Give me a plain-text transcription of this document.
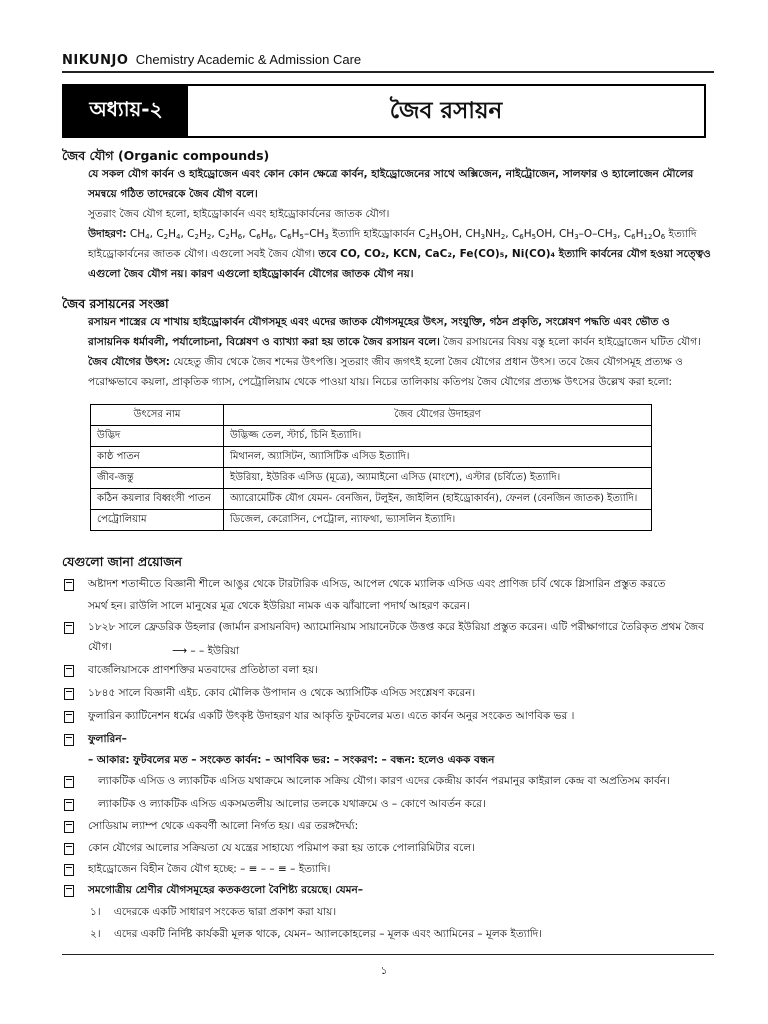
NIKUNJO Chemistry Academic & Admission Care
অধ্যায়-২	জৈব রসায়ন
জৈব যৌগ (Organic compounds)
যে সকল যৌগ কার্বন ও হাইড্রোজেন এবং কোন কোন ক্ষেত্রে কার্বন, হাইড্রোজেনের সাথে অক্সিজেন, নাইট্রোজেন, সালফার ও হ্যালোজেন মৌলের সমন্বয়ে গঠিত তাদেরকে জৈব যৌগ বলে।
সুতরাং জৈব যৌগ হলো, হাইড্রোকার্বন এবং হাইড্রোকার্বনের জাতক যৌগ।
উদাহরণ: $CH_4$, $C_2H_4$, $C_2H_2$, $C_2H_6$, $C_6H_6$, $C_6H_5-CH_3$ ইত্যাদি হাইড্রোকার্বন $C_2H_5OH$, $CH_3NH_2$, $C_6H_5OH$, $CH_3-O-CH_3$, $C_6H_{12}O_6$ ইত্যাদি হাইড্রোকার্বনের জাতক যৌগ। এগুলো সবই জৈব যৌগ। তবে CO, CO₂, KCN, CaC₂, Fe(CO)₅, Ni(CO)₄ ইত্যাদি কার্বনের যৌগ হওয়া সত্ত্বেও এগুলো জৈব যৌগ নয়। কারণ এগুলো হাইড্রোকার্বন যৌগের জাতক যৌগ নয়।
জৈব রসায়নের সংজ্ঞা
রসায়ন শাস্ত্রের যে শাখায় হাইড্রোকার্বন যৌগসমূহ এবং এদের জাতক যৌগসমূহের উৎস, সংযুক্তি, গঠন প্রকৃতি, সংশ্লেষণ পদ্ধতি এবং ভৌত ও রাসায়নিক ধর্মাবলী, পর্যালোচনা, বিশ্লেষণ ও ব্যাখ্যা করা হয় তাকে জৈব রসায়ন বলে। জৈব রসায়নের বিষয় বস্তু হলো কার্বন হাইড্রোজেন ঘটিত যৌগ।
জৈব যৌগের উৎস: যেহেতু জীব থেকে জৈব শব্দের উৎপত্তি। সুতরাং জীব জগৎই হলো জৈব যৌগের প্রধান উৎস। তবে জৈব যৌগসমূহ প্রত্যক্ষ ও পরোক্ষভাবে কয়লা, প্রাকৃতিক গ্যাস, পেট্রোলিয়াম থেকে পাওয়া যায়। নিচের তালিকায় কতিপয় জৈব যৌগের প্রত্যক্ষ উৎসের উল্লেখ করা হলো:
উৎসের নাম	জৈব যৌগের উদাহরণ
উদ্ভিদ	উদ্ভিজ্জ তেল, স্টার্চ, চিনি ইত্যাদি।
কাষ্ঠ পাতন	মিথানল, অ্যাসিটন, অ্যাসিটিক এসিড ইত্যাদি।
জীব-জন্তু	ইউরিয়া, ইউরিক এসিড (মূত্রে), অ্যামাইনো এসিড (মাংশে), এস্টার (চর্বিতে) ইত্যাদি।
কঠিন কয়লার বিধ্বংসী পাতন	অ্যারোমেটিক যৌগ যেমন- বেনজিন, টলুইন, জাইলিন (হাইড্রোকার্বন), ফেনল (বেনজিন জাতক) ইত্যাদি।
পেট্রোলিয়াম	ডিজেল, কেরোসিন, পেট্রোল, ন্যাফথা, ভ্যাসলিন ইত্যাদি।
যেগুলো জানা প্রয়োজন
অষ্টাদশ শতাব্দীতে বিজ্ঞানী শীলে আঙুর থেকে টারটারিক এসিড, আপেল থেকে ম্যালিক এসিড এবং প্রাণিজ চর্বি থেকে গ্লিসারিন প্রস্তুত করতে
সমর্থ হন। রাউলি সালে মানুষের মূত্র থেকে ইউরিয়া নামক এক ঝাঁঝালো পদার্থ আহরণ করেন।
১৮২৮ সালে ফ্রেডরিক উহলার (জার্মান রসায়নবিদ) অ্যামোনিয়াম সায়ানেটকে উত্তপ্ত করে ইউরিয়া প্রস্তুত করেন। এটি পরীক্ষাগারে তৈরিকৃত প্রথম জৈব যৌগ।	⟶ – – ইউরিয়া
বার্জেলিয়াসকে প্রাণশক্তির মতবাদের প্রতিষ্ঠাতা বলা হয়।
১৮৪৫ সালে বিজ্ঞানী এইচ. কোব মৌলিক উপাদান ও থেকে অ্যাসিটিক এসিড সংশ্লেষণ করেন।
ফুলারিন ক্যাটিনেশন ধর্মের একটি উৎকৃষ্ট উদাহরণ যার আকৃতি ফুটবলের মত। এতে কার্বন অনুর সংকেত আণবিক ভর ।
ফুলারিন–
– আকার: ফুটবলের মত – সংকেত কার্বন: – আণবিক ভর: – সংকরণ: – বন্ধন: হলেও একক বন্ধন
ল্যাকটিক এসিড ও ল্যাকটিক এসিড যথাক্রমে আলোক সক্রিয় যৌগ। কারণ এদের কেন্দ্রীয় কার্বন পরমানুর কাইরাল কেন্দ্র বা অপ্রতিসম কার্বন।
ল্যাকটিক ও ল্যাকটিক এসিড একসমতলীয় আলোর তলকে যথাক্রমে ও – কোণে আবর্তন করে।
সোডিয়াম ল্যাম্প থেকে একবর্ণী আলো নির্গত হয়। এর তরঙ্গদৈর্ঘ্য:
কোন যৌগের আলোর সক্রিয়তা যে যন্ত্রের সাহায্যে পরিমাপ করা হয় তাকে পোলারিমিটার বলে।
হাইড্রোজেন বিহীন জৈব যৌগ হচ্ছে: – ≡ – – ≡ – ইত্যাদি।
সমগোত্রীয় শ্রেণীর যৌগসমূহের কতকগুলো বৈশিষ্ট্য রয়েছে। যেমন–
১। এদেরকে একটি সাধারণ সংকেত দ্বারা প্রকাশ করা যায়।
২। এদের একটি নির্দিষ্ট কার্যকরী মূলক থাকে, যেমন– অ্যালকোহলের – মূলক এবং অ্যামিনের – মূলক ইত্যাদি।
১
